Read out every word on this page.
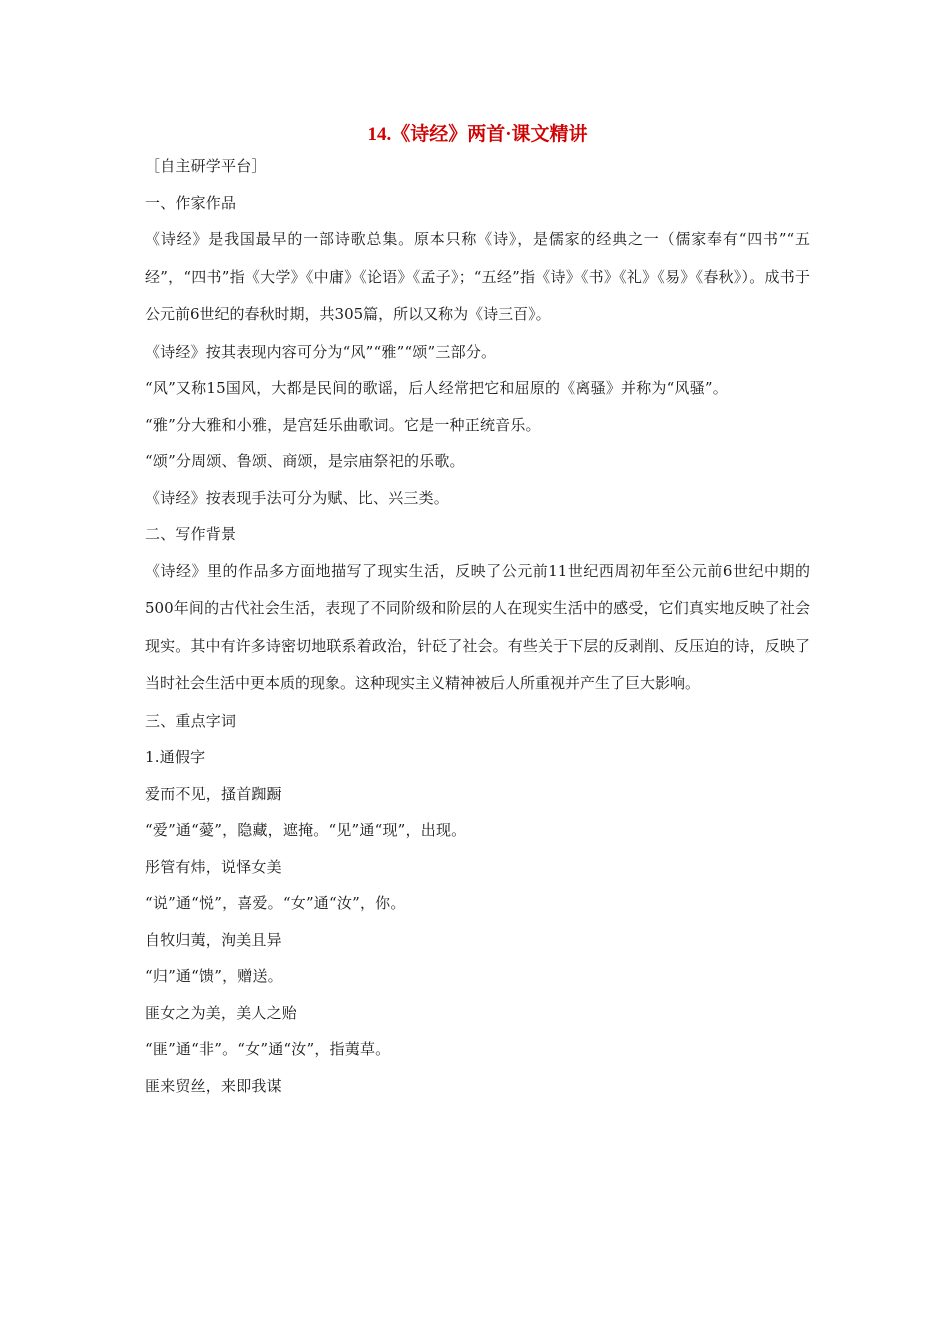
14.《诗经》两首·课文精讲
［自主研学平台］
一、作家作品
《诗经》是我国最早的一部诗歌总集。原本只称《诗》，是儒家的经典之一（儒家奉有“四书”“五经”，“四书”指《大学》《中庸》《论语》《孟子》；“五经”指《诗》《书》《礼》《易》《春秋》）。成书于公元前6世纪的春秋时期，共305篇，所以又称为《诗三百》。
《诗经》按其表现内容可分为“风”“雅”“颂”三部分。
“风”又称15国风，大都是民间的歌谣，后人经常把它和屈原的《离骚》并称为“风骚”。
“雅”分大雅和小雅，是宫廷乐曲歌词。它是一种正统音乐。
“颂”分周颂、鲁颂、商颂，是宗庙祭祀的乐歌。
《诗经》按表现手法可分为赋、比、兴三类。
二、写作背景
《诗经》里的作品多方面地描写了现实生活，反映了公元前11世纪西周初年至公元前6世纪中期的500年间的古代社会生活，表现了不同阶级和阶层的人在现实生活中的感受，它们真实地反映了社会现实。其中有许多诗密切地联系着政治，针砭了社会。有些关于下层的反剥削、反压迫的诗，反映了当时社会生活中更本质的现象。这种现实主义精神被后人所重视并产生了巨大影响。
三、重点字词
1.通假字
爱而不见，搔首踟蹰
“爱”通“薆”，隐藏，遮掩。“见”通“现”，出现。
彤管有炜，说怿女美
“说”通“悦”，喜爱。“女”通“汝”，你。
自牧归荑，洵美且异
“归”通“馈”，赠送。
匪女之为美，美人之贻
“匪”通“非”。“女”通“汝”，指荑草。
匪来贸丝，来即我谋
